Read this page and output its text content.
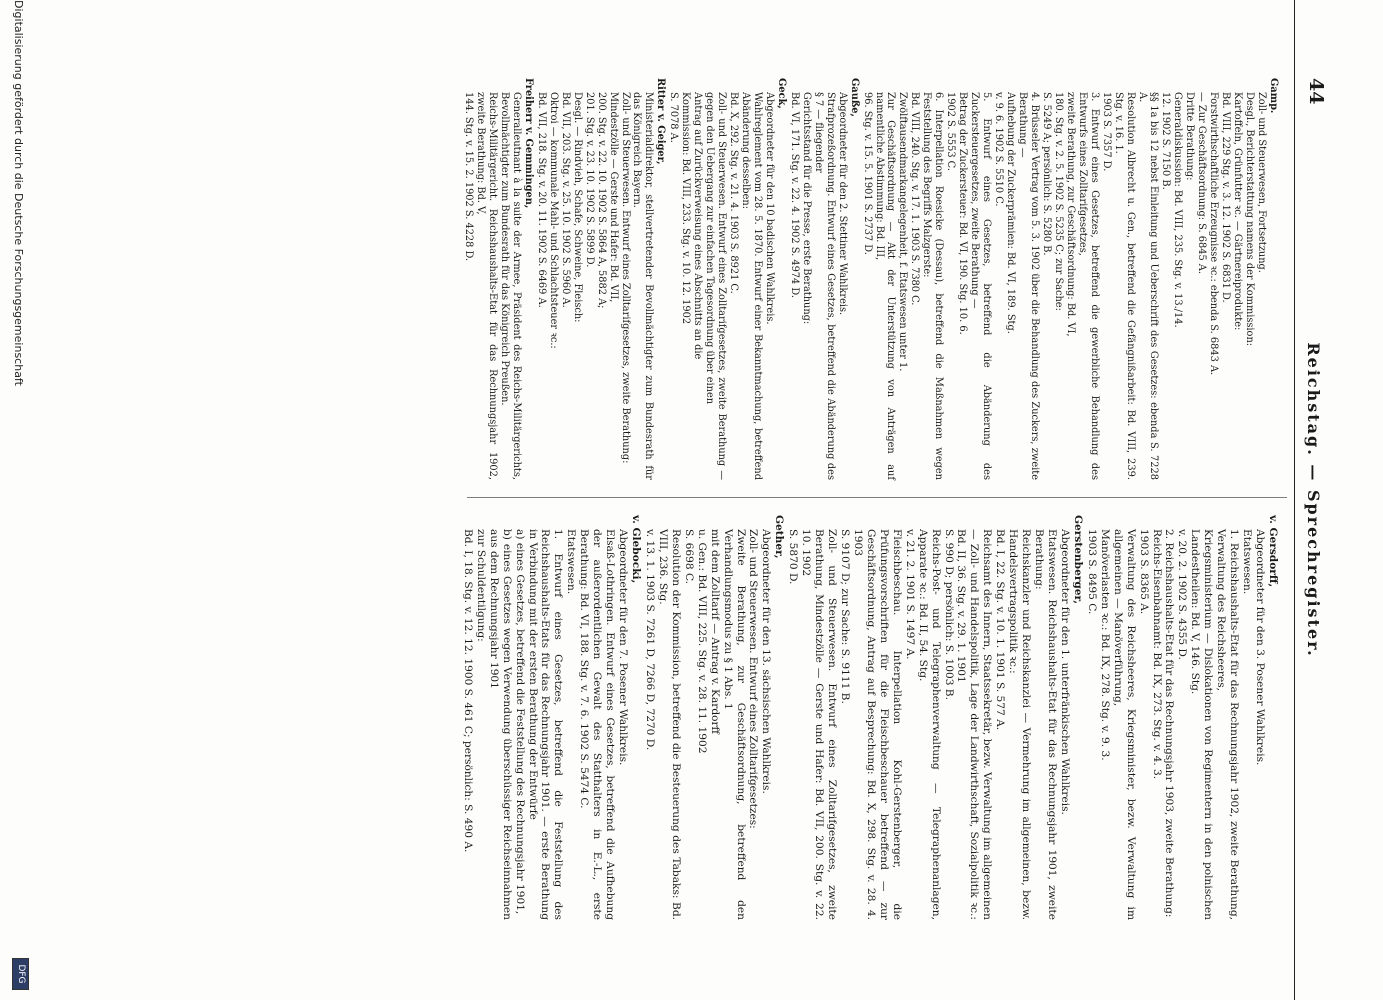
44
Reichstag. — Sprechregister.
Gamp.
Zoll- und Steuerwesen, Fortsetzung.
Desgl., Berichterstattung namens der Kommission:
Kartoffeln, Grünfutter ꝛc. — Gärtnereiprodukte:
Bd. VIII, 229 Stg. v. 3. 12. 1902 S. 6831 D.
Forstwirthschaftliche Erzeugnisse ꝛc.: ebenda S. 6843 A.
— Zur Geschäftsordnung: S. 6845 A.
Dritte Berathung:
Generaldiskussion: Bd. VIII, 235. Stg. v. 13./14.
12. 1902 S. 7150 B.
§§ 1a bis 12 nebst Einleitung und Ueberschrift des Gesetzes: ebenda S. 7228 A.
Resolution Albrecht u. Gen., betreffend die Gefängnißarbeit: Bd. VIII, 239. Stg. v. 16. 1.
1903 S. 7357 D.
3. Entwurf eines Gesetzes, betreffend die gewerbliche Behandlung des Entwurfs eines Zolltarifgesetzes,
zweite Berathung, zur Geschäftsordnung: Bd. VI,
180. Stg. v. 2. 5. 1902 S. 5235 C; zur Sache:
S. 5249 A; persönlich: S. 5280 B.
4. Brüsseler Vertrag vom 5. 3. 1902 über die Behandlung des Zuckers, zweite Berathung —
Aufhebung der Zuckerprämien: Bd. VI, 189. Stg.
v. 9. 6. 1902 S. 5510 C.
5. Entwurf eines Gesetzes, betreffend die Abänderung des Zuckersteuergesetzes, zweite Berathung —
Betrag der Zuckersteuer: Bd. VI, 190. Stg. 10. 6.
1902 S. 5553 C.
6. Interpellation Roesicke (Dessau), betreffend die Maßnahmen wegen Feststellung des Begriffs Malzgerste:
Bd. VIII, 240. Stg. v. 17. 1. 1903 S. 7380 C.
Zwölftausendmarkangelegenheit, f. Etatswesen unter 1.
Zur Geschäftsordnung — Akt der Unterstützung von Anträgen auf namentliche Abstimmung: Bd. III,
96. Stg. v. 15. 5. 1901 S. 2737 D.
Gauße,
Abgeordneter für den 2. Stettiner Wahlkreis.
Strafprozeßordnung. Entwurf eines Gesetzes, betreffend die Abänderung des § 7 — fliegender
Gerichtsstand für die Presse, erste Berathung:
Bd. VI, 171. Stg. v. 22. 4. 1902 S. 4974 D.
Geck,
Abgeordneter für den 10 badischen Wahlkreis.
Wahlreglement vom 28. 5. 1870. Entwurf einer Bekanntmachung, betreffend Abänderung desselben:
Bd. X, 292. Stg. v. 21. 4. 1903 S. 8921 C.
Zoll- und Steuerwesen. Entwurf eines Zolltarifgesetzes, zweite Berathung — gegen den Uebergang zur einfachen Tagesordnung über einen
Antrag auf Zurückverweisung eines Abschnitts an die
Kommission: Bd. VIII, 233. Stg. v. 10. 12. 1902
S. 7078 A.
Ritter v. Geiger,
Ministerialdirektor, stellvertretender Bevollmächtigter zum Bundesrath für das Königreich Bayern.
Zoll- und Steuerwesen. Entwurf eines Zolltarifgesetzes, zweite Berathung:
Mindestzölle — Gerste und Hafer: Bd. VII,
200. Stg. v. 22. 10. 1902 S. 5864 A, 5882 A;
201. Stg. v. 23. 10. 1902 S. 5899 D.
Desgl. — Rindvieh, Schafe, Schweine, Fleisch:
Bd. VII, 203. Stg. v. 25. 10. 1902 S. 5960 A.
Oktroi — kommunale Mahl- und Schlachtsteuer ꝛc.:
Bd. VII, 218. Stg. v. 20. 11. 1902 S. 6469 A.
Freiherr v. Gemmingen,
Generalleutnant à la suite der Armee, Präsident des Reichs-Militärgerichts, Bevollmächtigter zum Bundesrath für das Königreich Preußen.
Reichs-Militärgericht. Reichshaushalts-Etat für das Rechnungsjahr 1902, zweite Berathung: Bd. V,
144. Stg. v. 15. 2. 1902 S. 4228 D.
v. Gersdorff,
Abgeordneter für den 3. Posener Wahlkreis.
Etatswesen.
1. Reichshaushalts-Etat für das Rechnungsjahr 1902, zweite Berathung, Verwaltung des Reichsheeres,
Kriegsministerium — Dislokationen von Regimentern in den polnischen Landestheilen: Bd. V, 146. Stg.
v. 20. 2. 1902 S. 4355 D.
2. Reichshaushalts-Etat für das Rechnungsjahr 1903, zweite Berathung:
Reichs-Eisenbahnamt: Bd. IX, 273. Stg. v. 4. 3.
1903 S. 8365 A.
Verwaltung des Reichsheeres, Kriegsminister, bezw. Verwaltung im allgemeinen — Manöverführung,
Manöverlasten ꝛc.: Bd. IX, 278. Stg. v. 9. 3.
1903 S. 8495 C.
Gerstenberger,
Abgeordneter für den 1. unterfränkischen Wahlkreis.
Etatswesen. Reichshaushalts-Etat für das Rechnungsjahr 1901, zweite Berathung:
Reichskanzler und Reichskanzlei — Vermehrung im allgemeinen, bezw. Handelsvertragspolitik ꝛc.:
Bd. I, 22. Stg. v. 10. 1. 1901 S. 577 A.
Reichsamt des Innern, Staatssekretär, bezw. Verwaltung im allgemeinen — Zoll- und Handelspolitik, Lage der Landwirthschaft, Sozialpolitik ꝛc.: Bd. II, 36. Stg. v. 29. 1. 1901
S. 990 D; persönlich: S. 1003 B.
Reichs-Post- und Telegraphenverwaltung — Telegraphenanlagen, Apparate ꝛc.: Bd. II, 54. Stg.
v. 21. 2. 1901 S. 1497 A.
Fleischbeschau. Interpellation Kohl-Gerstenberger, die Prüfungsvorschriften für die Fleischbeschauer betreffend — zur Geschäftsordnung, Antrag auf Besprechung: Bd. X, 298. Stg. v. 28. 4. 1903
S. 9107 D; zur Sache: S. 9111 B.
Zoll- und Steuerwesen. Entwurf eines Zolltarifgesetzes, zweite Berathung, Mindestzölle — Gerste und Hafer: Bd. VII, 200. Stg. v. 22. 10. 1902
S. 5870 D.
Gether,
Abgeordneter für den 13. sächsischen Wahlkreis.
Zoll- und Steuerwesen. Entwurf eines Zolltarifgesetzes:
Zweite Berathung, zur Geschäftsordnung, betreffend den Verhandlungsmodus zu § 1 Abs. 1
mit dem Zolltarif — Antrag v. Kardorff
u. Gen.: Bd. VIII, 225. Stg. v. 28. 11. 1902
S. 6698 C.
Resolution der Kommission, betreffend die Besteuerung des Tabaks: Bd. VIII, 236. Stg.
v. 13. 1. 1903 S. 7261 D, 7266 D, 7270 D.
v. Glebocki,
Abgeordneter für den 7. Posener Wahlkreis.
Elsaß-Lothringen. Entwurf eines Gesetzes, betreffend die Aufhebung der außerordentlichen Gewalt des Statthalters in E.-L., erste Berathung: Bd. VI, 188. Stg. v. 7. 6. 1902 S. 5474 C.
Etatswesen.
1. Entwurf eines Gesetzes, betreffend die Feststellung des Reichshaushalts-Etats für das Rechnungsjahr 1901. — erste Berathung in Verbindung mit der ersten Berathung der Entwürfe
a) eines Gesetzes, betreffend die Feststellung des Rechnungsjahr 1901,
b) eines Gesetzes wegen Verwendung überschüssiger Reichseinnahmen aus dem Rechnungsjahr 1901
zur Schuldentilgung:
Bd. I, 18. Stg. v. 12. 12. 1900 S. 461 C; persönlich: S. 490 A.
Digitalisierung gefördert durch die Deutsche Forschungsgemeinschaft
DFG
